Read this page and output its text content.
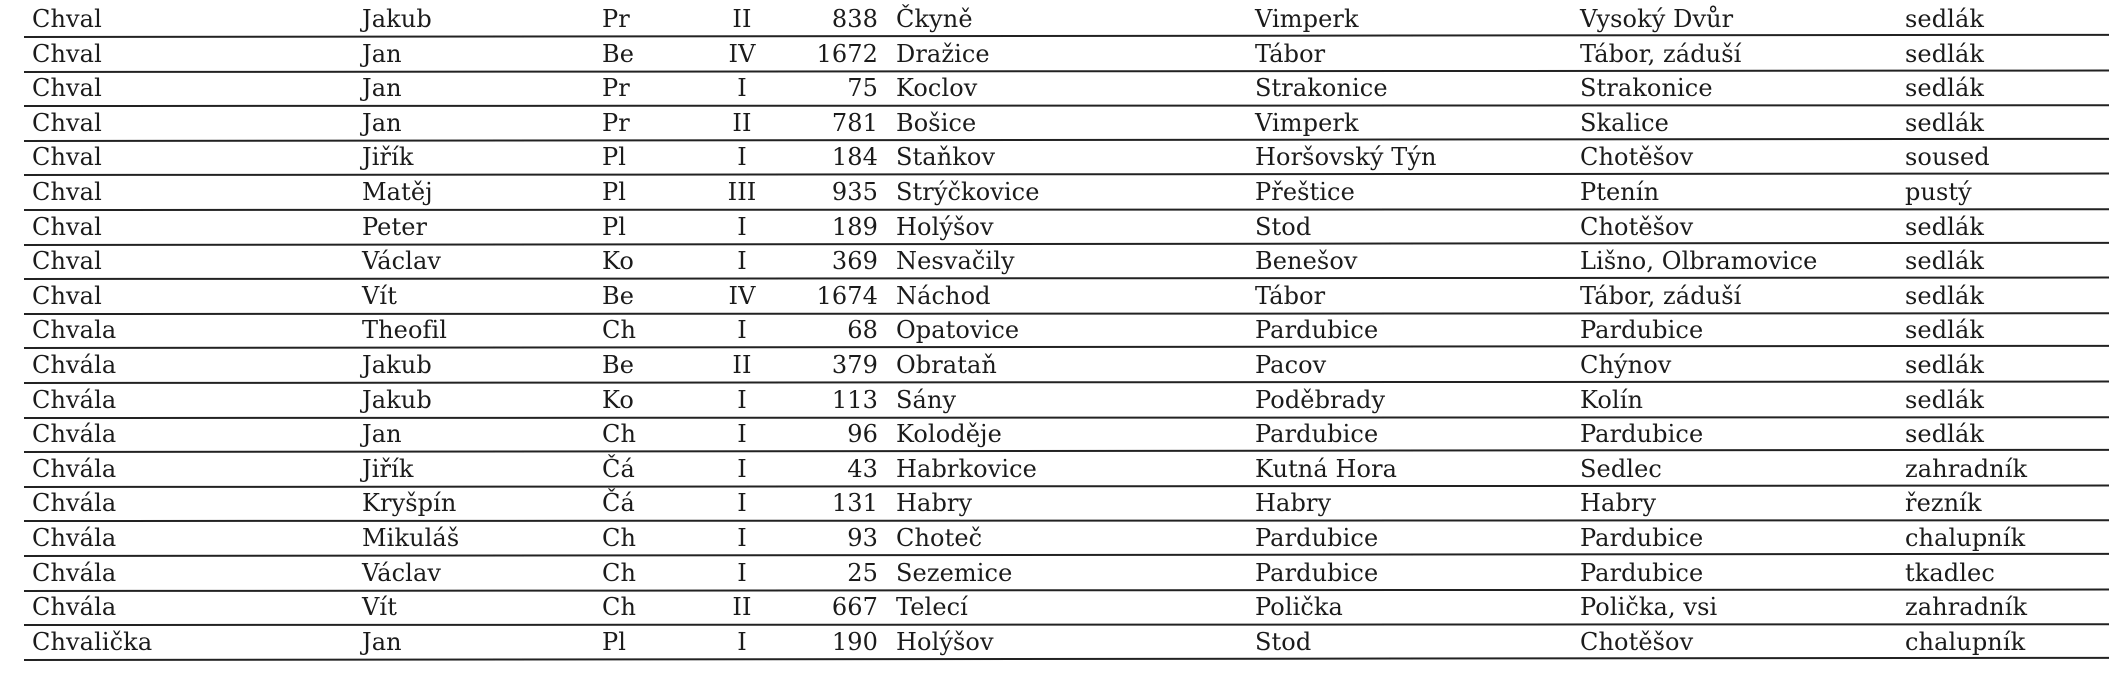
Chval	Jakub	Pr	II	838 Čkyně	Vimperk	Vysoký Dvůr	sedlák
Chval	Jan	Be	IV	1672 Dražice	Tábor	Tábor, záduší	sedlák
Chval	Jan	Pr	I	75 Koclov	Strakonice	Strakonice	sedlák
Chval	Jan	Pr	II	781 Bošice	Vimperk	Skalice	sedlák
Chval	Jiřík	Pl	I	184 Staňkov	Horšovský Týn	Chotěšov	soused
Chval	Matěj	Pl	III	935 Strýčkovice	Přeštice	Ptenín	pustý
Chval	Peter	Pl	I	189 Holýšov	Stod	Chotěšov	sedlák
Chval	Václav	Ko	I	369 Nesvačily	Benešov	Lišno, Olbramovice	sedlák
Chval	Vít	Be	IV	1674 Náchod	Tábor	Tábor, záduší	sedlák
Chvala	Theofil	Ch	I	68 Opatovice	Pardubice	Pardubice	sedlák
Chvála	Jakub	Be	II	379 Obrataň	Pacov	Chýnov	sedlák
Chvála	Jakub	Ko	I	113 Sány	Poděbrady	Kolín	sedlák
Chvála	Jan	Ch	I	96 Koloděje	Pardubice	Pardubice	sedlák
Chvála	Jiřík	Čá	I	43 Habrkovice	Kutná Hora	Sedlec	zahradník
Chvála	Kryšpín	Čá	I	131 Habry	Habry	Habry	řezník
Chvála	Mikuláš	Ch	I	93 Choteč	Pardubice	Pardubice	chalupník
Chvála	Václav	Ch	I	25 Sezemice	Pardubice	Pardubice	tkadlec
Chvála	Vít	Ch	II	667 Telecí	Polička	Polička, vsi	zahradník
Chvalička	Jan	Pl	I	190 Holýšov	Stod	Chotěšov	chalupník
